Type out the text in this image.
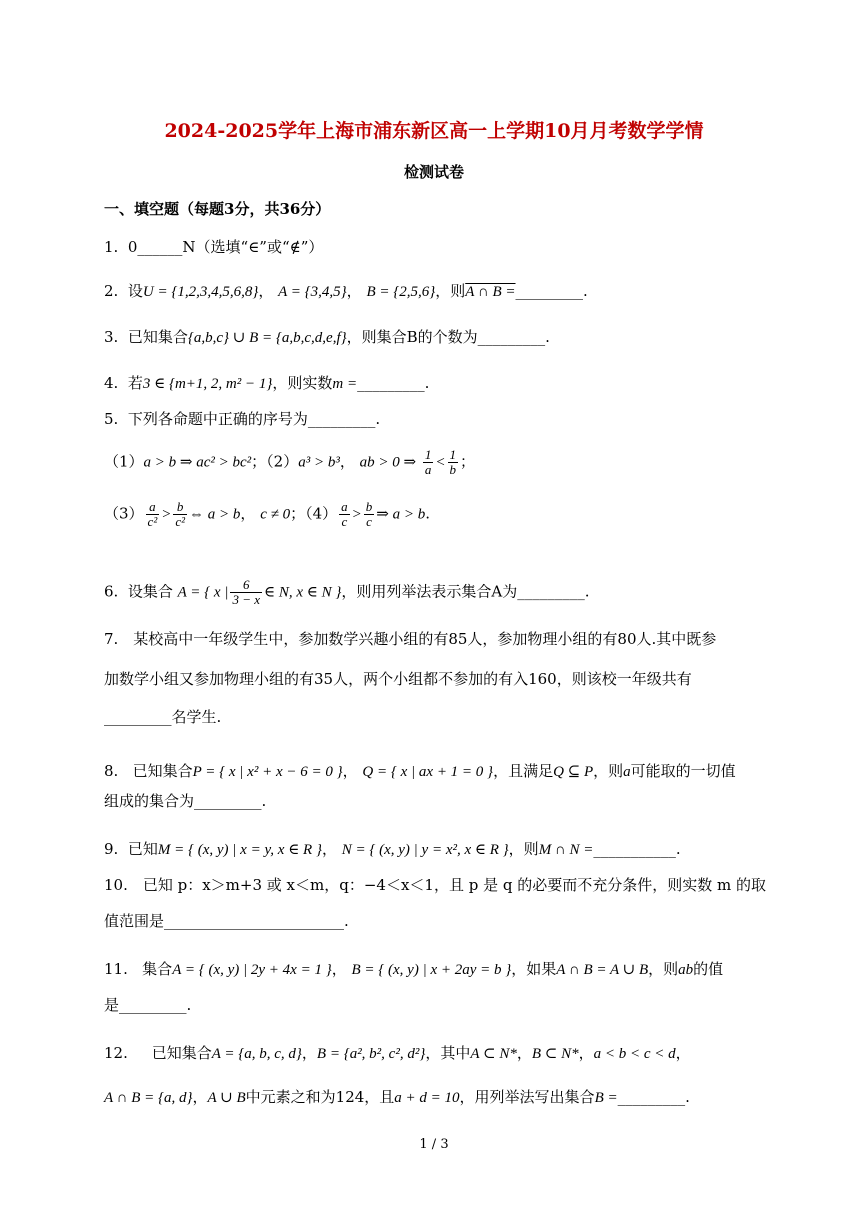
2024-2025学年上海市浦东新区高一上学期10月月考数学学情
检测试卷
一、填空题（每题3分，共36分）
1. 0______N（选填“∈”或“∉”）
2. 设U = {1,2,3,4,5,6,8}， A = {3,4,5}， B = {2,5,6}，则A ∩ B =_________.
3. 已知集合{a,b,c} ∪ B = {a,b,c,d,e,f}，则集合B的个数为_________.
4. 若3 ∈ {m+1, 2, m² − 1}，则实数m =_________.
5. 下列各命题中正确的序号为_________.
（1）a > b ⇒ ac² > bc²；（2）a³ > b³， ab > 0 ⇒ $\frac{1}{a} < \frac{1}{b}$ ；
$(3) \frac{a}{\text{c²}} > \frac{b}{\text{c²}}$ ⇔ a > b， c ≠ 0；$(4) \frac{a}{c} > \frac{b}{c}$ ⇒ a > b.
6. 设集合 A = { x | $\frac{6}{3 - x}$ ∈ N, x ∈ N }，则用列举法表示集合A为_________.
7.　某校高中一年级学生中，参加数学兴趣小组的有85人，参加物理小组的有80人.其中既参
加数学小组又参加物理小组的有35人，两个小组都不参加的有入160，则该校一年级共有
_________名学生.
8. 已知集合P = { x | x² + x − 6 = 0 }， Q = { x | ax + 1 = 0 }，且满足Q ⊆ P，则a可能取的一切值
组成的集合为_________.
9. 已知M = { (x, y) | x = y, x ∈ R }， N = { (x, y) | y = x², x ∈ R }，则M ∩ N =___________.
10.　已知 p：x＞m+3 或 x＜m，q：−4＜x＜1，且 p 是 q 的必要而不充分条件，则实数 m 的取
值范围是________________________.
11. 集合A = { (x, y) | 2y + 4x = 1 }， B = { (x, y) | x + 2ay = b }，如果A ∩ B = A ∪ B，则ab的值
是_________.
12. 已知集合A = {a, b, c, d}，B = {a², b², c², d²}，其中A ⊂ N*，B ⊂ N*，a < b < c < d，
A ∩ B = {a, d}，A ∪ B中元素之和为124，且a + d = 10，用列举法写出集合B =_________.
1 / 3
